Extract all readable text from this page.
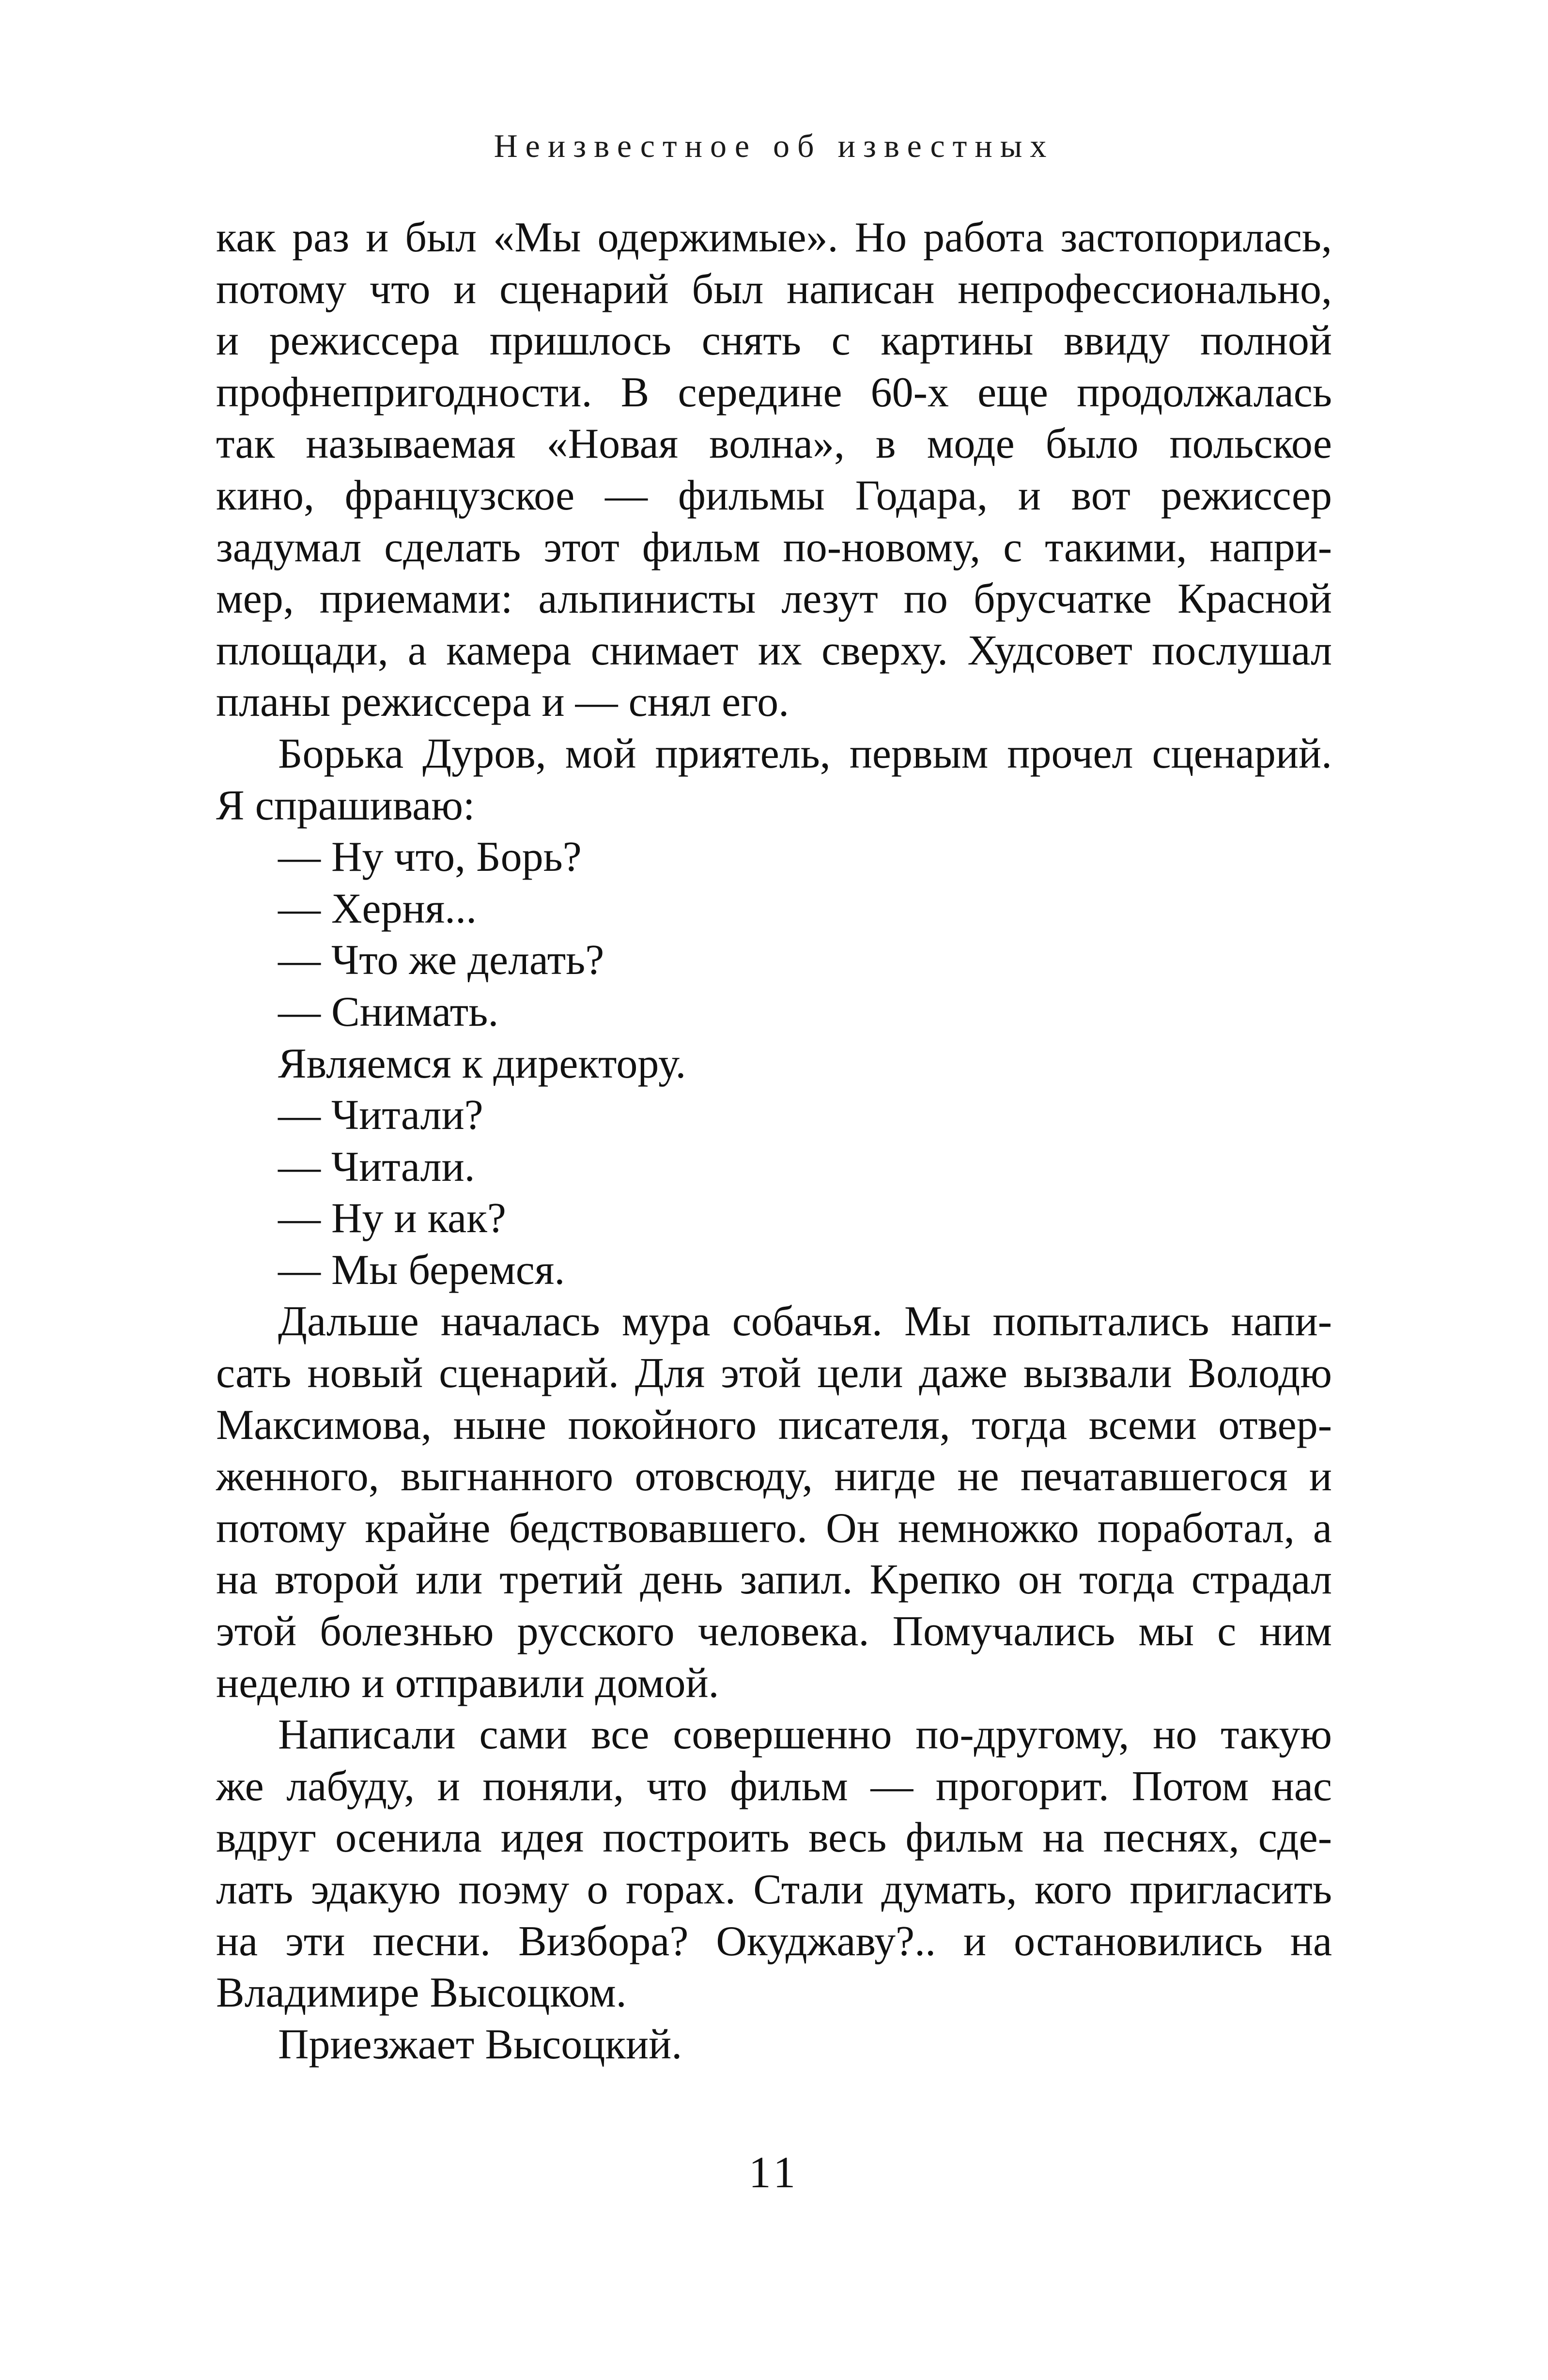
Неизвестное об известных
как раз и был «Мы одержимые». Но работа застопорилась,
потому что и сценарий был написан непрофессионально,
и режиссера пришлось снять с картины ввиду полной
профнепригодности. В середине 60-х еще продолжалась
так называемая «Новая волна», в моде было польское
кино, французское — фильмы Годара, и вот режиссер
задумал сделать этот фильм по-новому, с такими, напри-
мер, приемами: альпинисты лезут по брусчатке Красной
площади, а камера снимает их сверху. Худсовет послушал
планы режиссера и — снял его.
Борька Дуров, мой приятель, первым прочел сценарий.
Я спрашиваю:
— Ну что, Борь?
— Херня...
— Что же делать?
— Снимать.
Являемся к директору.
— Читали?
— Читали.
— Ну и как?
— Мы беремся.
Дальше началась мура собачья. Мы попытались напи-
сать новый сценарий. Для этой цели даже вызвали Володю
Максимова, ныне покойного писателя, тогда всеми отвер-
женного, выгнанного отовсюду, нигде не печатавшегося и
потому крайне бедствовавшего. Он немножко поработал, а
на второй или третий день запил. Крепко он тогда страдал
этой болезнью русского человека. Помучались мы с ним
неделю и отправили домой.
Написали сами все совершенно по-другому, но такую
же лабуду, и поняли, что фильм — прогорит. Потом нас
вдруг осенила идея построить весь фильм на песнях, сде-
лать эдакую поэму о горах. Стали думать, кого пригласить
на эти песни. Визбора? Окуджаву?.. и остановились на
Владимире Высоцком.
Приезжает Высоцкий.
11
